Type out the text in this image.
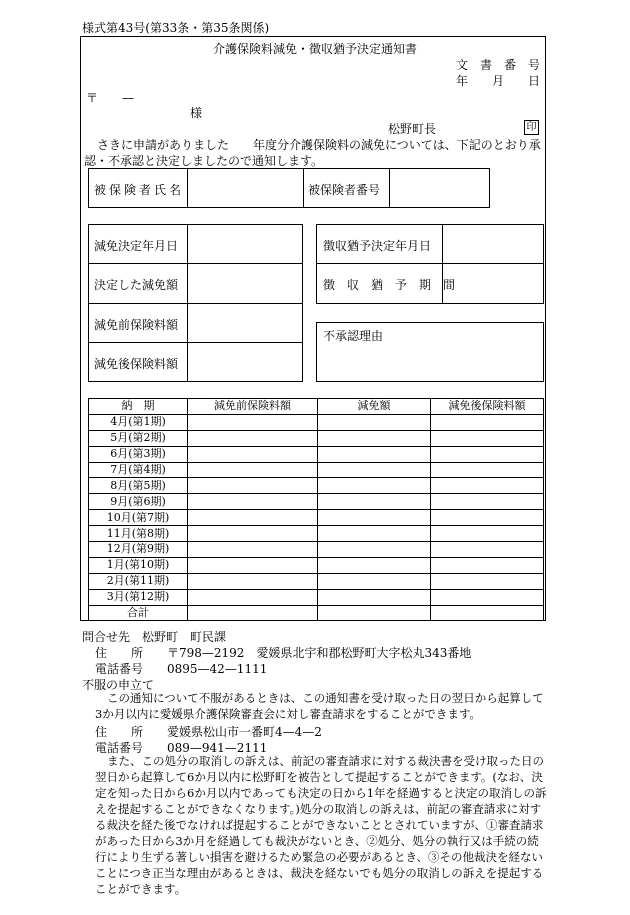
様式第43号(第33条・第35条関係)
介護保険料減免・徴収猶予決定通知書
文　書　番　号
年　　月　　日
〒　　—
様
松野町長	印
さきに申請がありました　　年度分介護保険料の減免については、下記のとおり承
認・不承認と決定しましたので通知します。
被保険者氏名	被保険者番号
減免決定年月日
決定した減免額
減免前保険料額
減免後保険料額
徴収猶予決定年月日
徴　収　猶　予　期　間
不承認理由
納　期	減免前保険料額	減免額	減免後保険料額
4月(第1期)			
5月(第2期)			
6月(第3期)			
7月(第4期)			
8月(第5期)			
9月(第6期)			
10月(第7期)			
11月(第8期)			
12月(第9期)			
1月(第10期)			
2月(第11期)			
3月(第12期)			
合計			
問合せ先　松野町　町民課
住　　所　　〒798—2192　愛媛県北宇和郡松野町大字松丸343番地
電話番号　　0895—42—1111
不服の申立て
この通知について不服があるときは、この通知書を受け取った日の翌日から起算して3か月以内に愛媛県介護保険審査会に対し審査請求をすることができます。
住　　所　　愛媛県松山市一番町4—4—2
電話番号　　089—941—2111
また、この処分の取消しの訴えは、前記の審査請求に対する裁決書を受け取った日の翌日から起算して6か月以内に松野町を被告として提起することができます。(なお、決定を知った日から6か月以内であっても決定の日から1年を経過すると決定の取消しの訴えを提起することができなくなります。)処分の取消しの訴えは、前記の審査請求に対する裁決を経た後でなければ提起することができないこととされていますが、①審査請求があった日から3か月を経過しても裁決がないとき、②処分、処分の執行又は手続の続行により生ずる著しい損害を避けるため緊急の必要があるとき、③その他裁決を経ないことにつき正当な理由があるときは、裁決を経ないでも処分の取消しの訴えを提起することができます。
